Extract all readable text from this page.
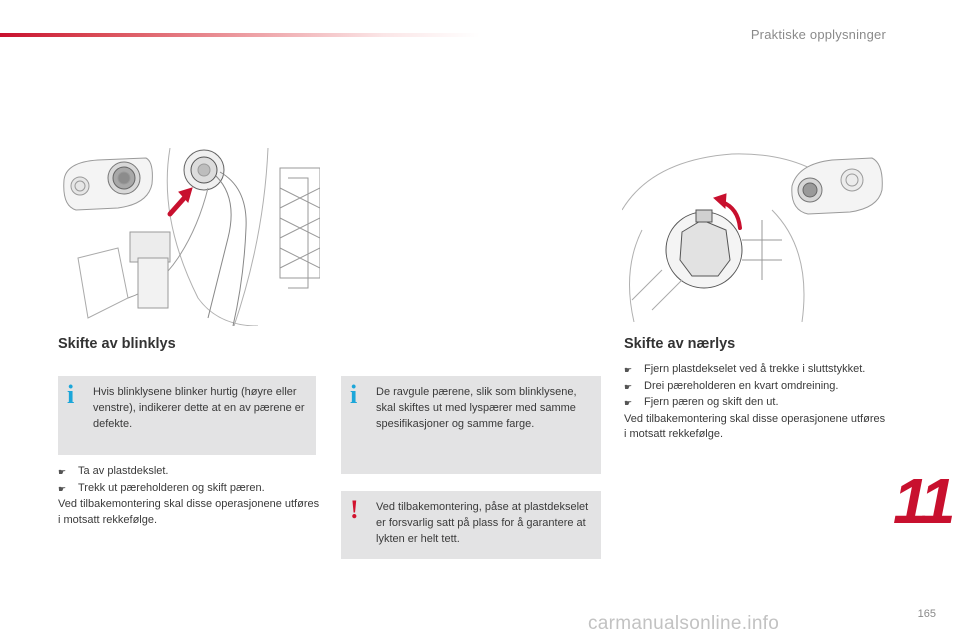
Praktiske opplysninger
Skifte av blinklys	Skifte av nærlys
i Hvis blinklysene blinker hurtig (høyre eller venstre), indikerer dette at en av pærene er defekte.
i De ravgule pærene, slik som blinklysene, skal skiftes ut med lyspærer med samme spesifikasjoner og samme farge.
! Ved tilbakemontering, påse at plastdekselet er forsvarlig satt på plass for å garantere at lykten er helt tett.
☛	Ta av plastdekslet.
☛	Trekk ut pæreholderen og skift pæren.
Ved tilbakemontering skal disse operasjonene utføres i motsatt rekkefølge.
☛	Fjern plastdekselet ved å trekke i sluttstykket.
☛	Drei pæreholderen en kvart omdreining.
☛	Fjern pæren og skift den ut.
Ved tilbakemontering skal disse operasjonene utføres i motsatt rekkefølge.
11
165
carmanualsonline.info
